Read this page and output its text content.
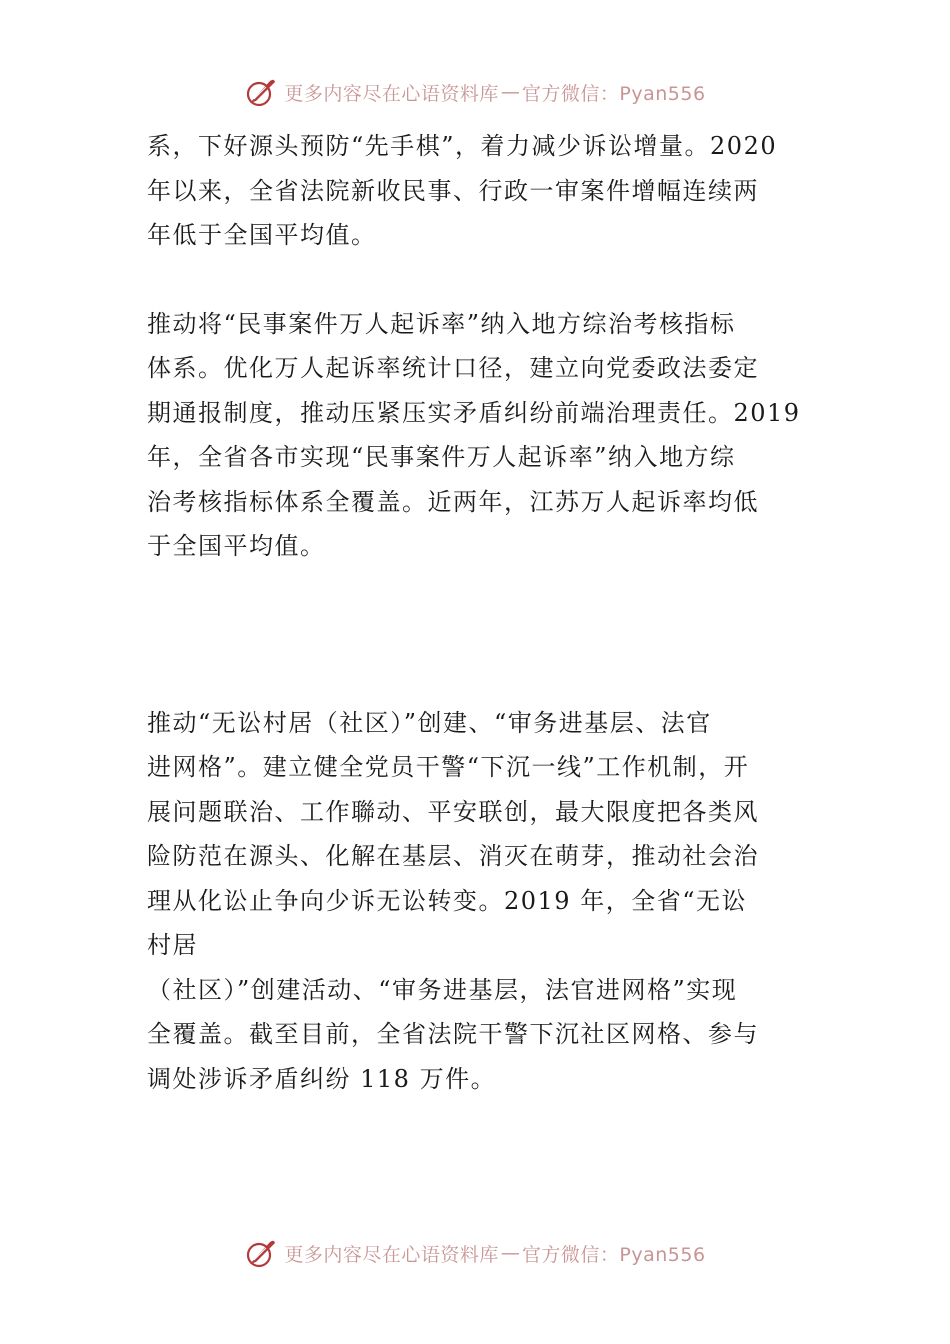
更多内容尽在心语资料库 — 官方微信：Pyan556

系，下好源头预防“先手棋”，着力减少诉讼增量。2020
年以来，全省法院新收民事、行政一审案件增幅连续两
年低于全国平均值。

推动将“民事案件万人起诉率”纳入地方综治考核指标
体系。优化万人起诉率统计口径，建立向党委政法委定
期通报制度，推动压紧压实矛盾纠纷前端治理责任。2019
年，全省各市实现“民事案件万人起诉率”纳入地方综
治考核指标体系全覆盖。近两年，江苏万人起诉率均低
于全国平均值。

推动“无讼村居（社区）”创建、“审务进基层、法官
进网格”。建立健全党员干警“下沉一线”工作机制，开
展问题联治、工作聯动、平安联创，最大限度把各类风
险防范在源头、化解在基层、消灭在萌芽，推动社会治
理从化讼止争向少诉无讼转变。2019 年，全省“无讼
村居
（社区）”创建活动、“审务进基层，法官进网格”实现
全覆盖。截至目前，全省法院干警下沉社区网格、参与
调处涉诉矛盾纠纷 118 万件。

更多内容尽在心语资料库 — 官方微信：Pyan556
